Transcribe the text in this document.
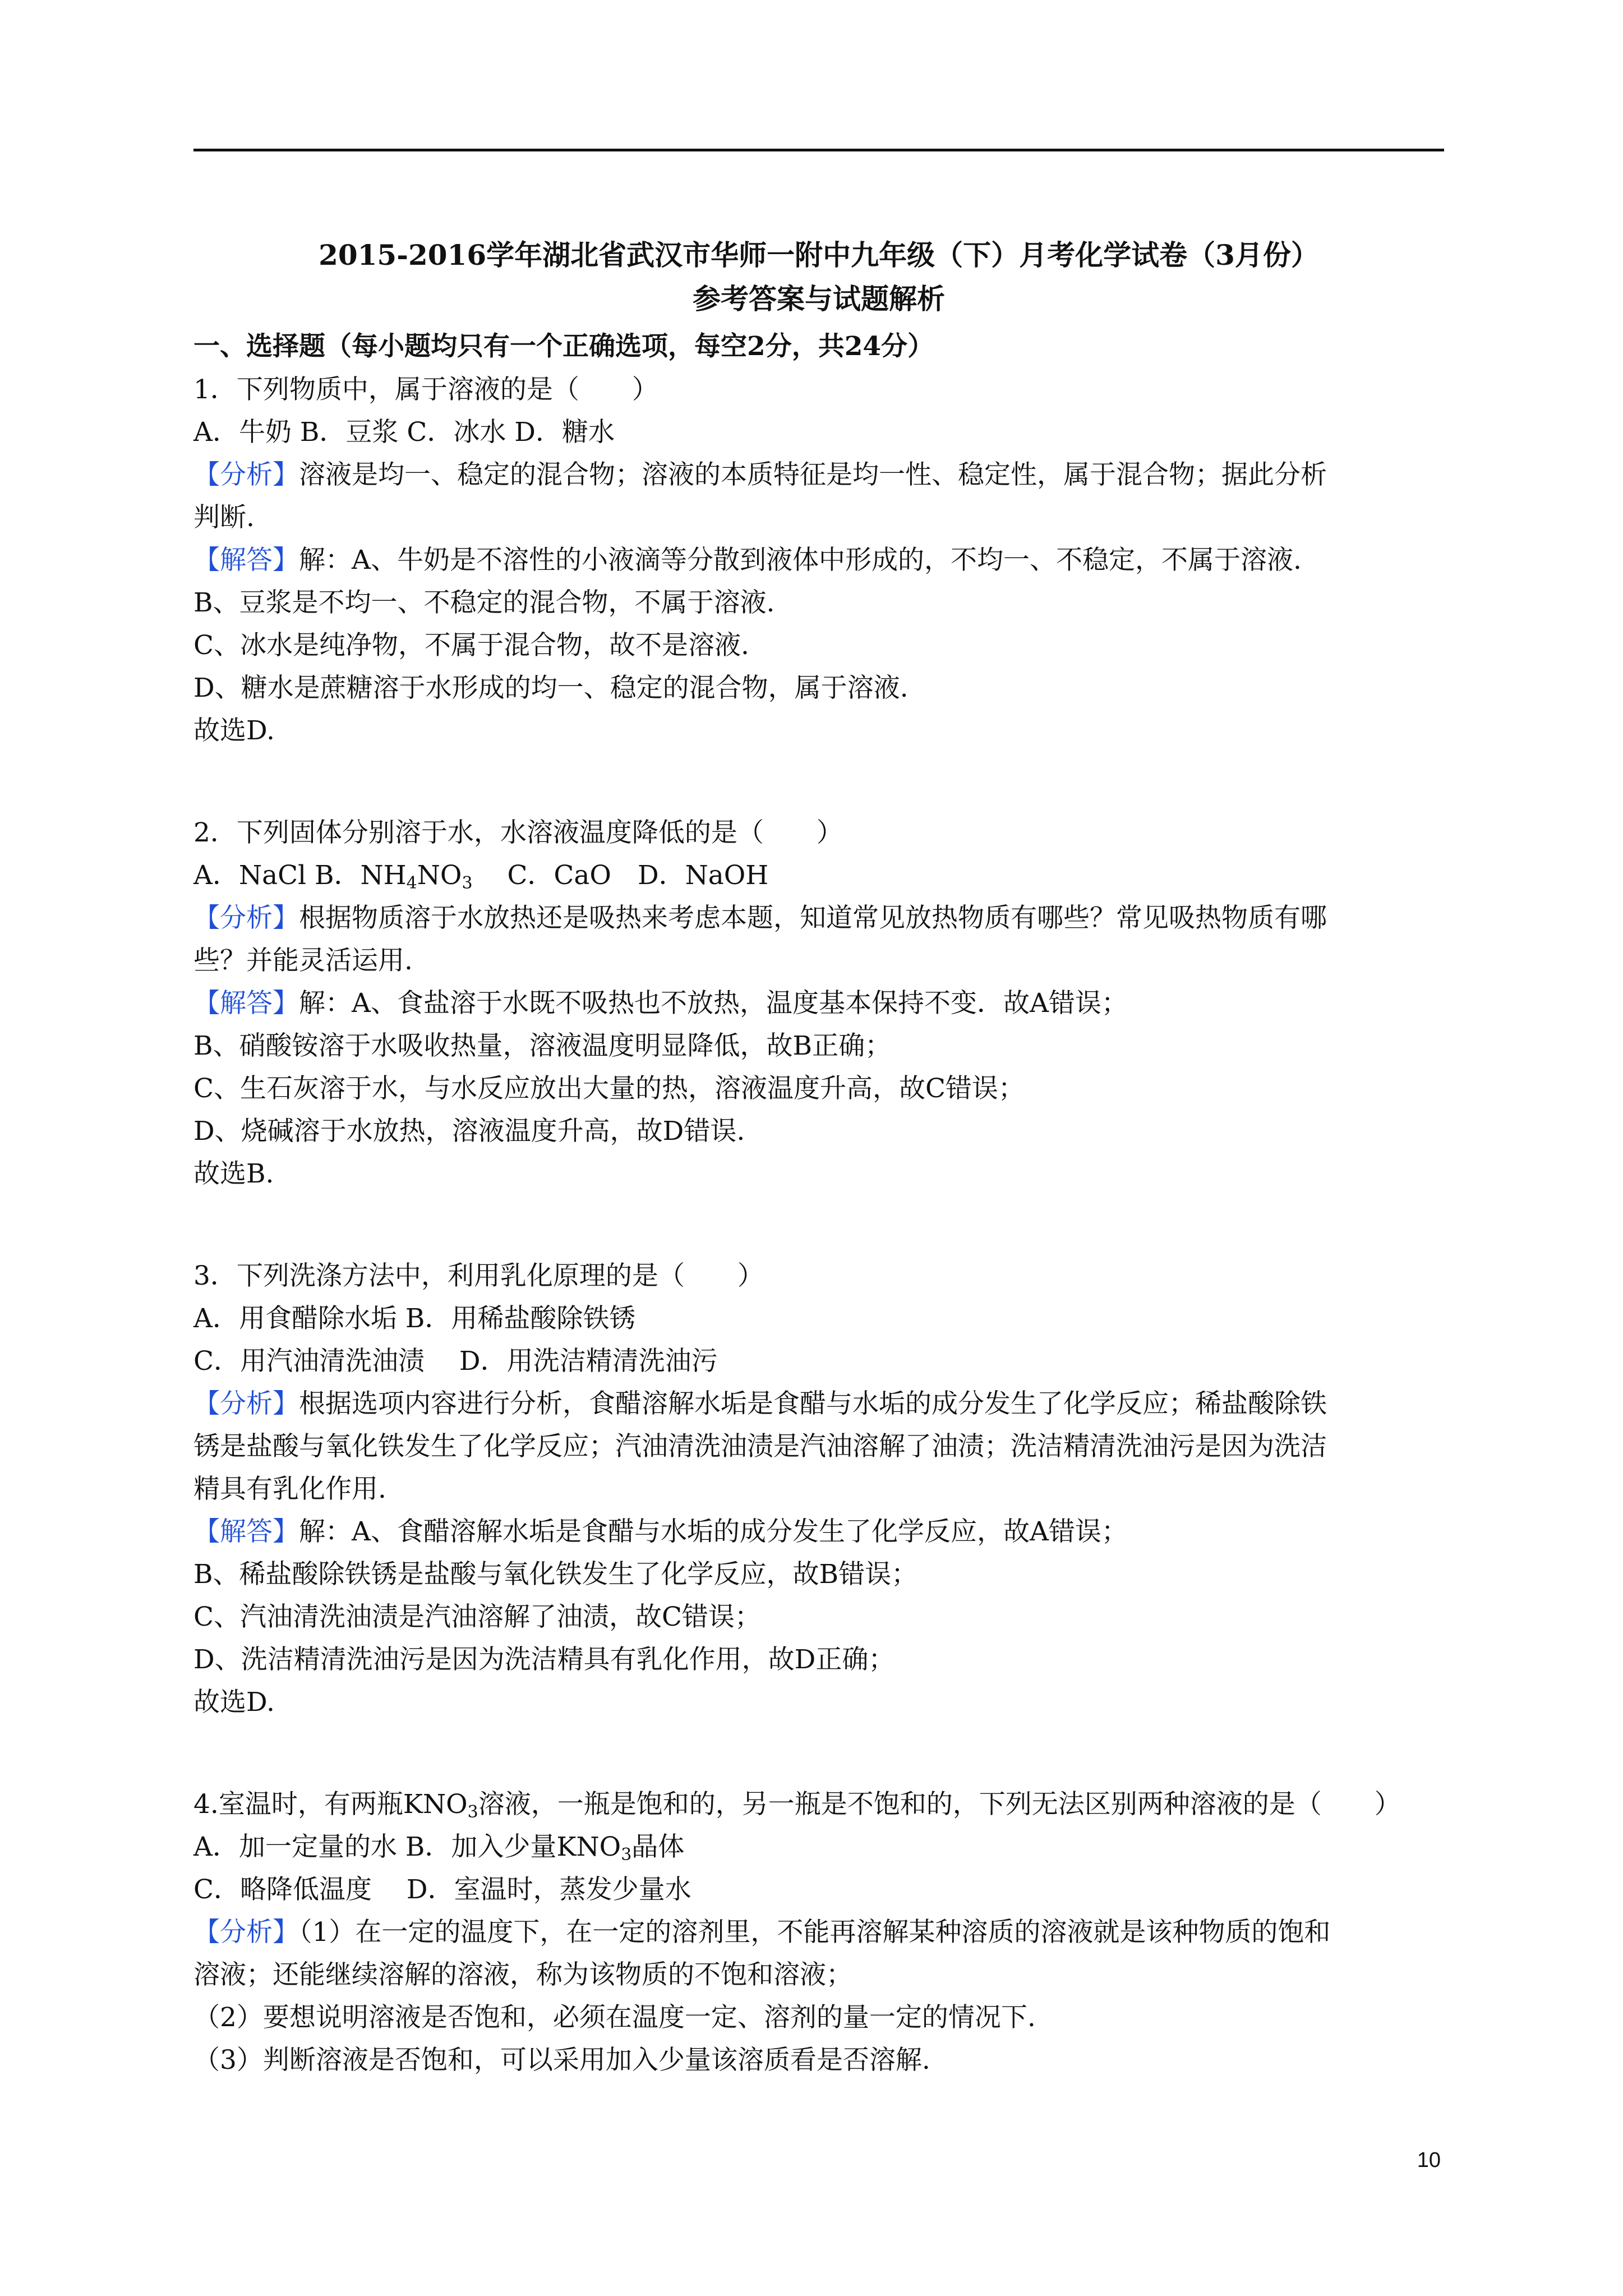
2015-2016学年湖北省武汉市华师一附中九年级（下）月考化学试卷（3月份）
参考答案与试题解析
一、选择题（每小题均只有一个正确选项，每空2分，共24分）
1．下列物质中，属于溶液的是（　　）
A．牛奶 B．豆浆 C．冰水 D．糖水
【分析】溶液是均一、稳定的混合物；溶液的本质特征是均一性、稳定性，属于混合物；据此分析
判断.
【解答】解：A、牛奶是不溶性的小液滴等分散到液体中形成的，不均一、不稳定，不属于溶液.
B、豆浆是不均一、不稳定的混合物，不属于溶液.
C、冰水是纯净物，不属于混合物，故不是溶液.
D、糖水是蔗糖溶于水形成的均一、稳定的混合物，属于溶液.
故选D.
2．下列固体分别溶于水，水溶液温度降低的是（　　）
A．NaCl B．$NH_4NO_3$　 C．CaO　D．NaOH
【分析】根据物质溶于水放热还是吸热来考虑本题，知道常见放热物质有哪些？常见吸热物质有哪
些？并能灵活运用.
【解答】解：A、食盐溶于水既不吸热也不放热，温度基本保持不变．故A错误；
B、硝酸铵溶于水吸收热量，溶液温度明显降低，故B正确；
C、生石灰溶于水，与水反应放出大量的热，溶液温度升高，故C错误；
D、烧碱溶于水放热，溶液温度升高，故D错误.
故选B.
3．下列洗涤方法中，利用乳化原理的是（　　）
A．用食醋除水垢 B．用稀盐酸除铁锈
C．用汽油清洗油渍　 D．用洗洁精清洗油污
【分析】根据选项内容进行分析，食醋溶解水垢是食醋与水垢的成分发生了化学反应；稀盐酸除铁
锈是盐酸与氧化铁发生了化学反应；汽油清洗油渍是汽油溶解了油渍；洗洁精清洗油污是因为洗洁
精具有乳化作用.
【解答】解：A、食醋溶解水垢是食醋与水垢的成分发生了化学反应，故A错误；
B、稀盐酸除铁锈是盐酸与氧化铁发生了化学反应，故B错误；
C、汽油清洗油渍是汽油溶解了油渍，故C错误；
D、洗洁精清洗油污是因为洗洁精具有乳化作用，故D正确；
故选D.
4.室温时，有两瓶$KNO_3$溶液，一瓶是饱和的，另一瓶是不饱和的，下列无法区别两种溶液的是（　　）
A．加一定量的水 B．加入少量$KNO_3$晶体
C．略降低温度　 D．室温时，蒸发少量水
【分析】（1）在一定的温度下，在一定的溶剂里，不能再溶解某种溶质的溶液就是该种物质的饱和
溶液；还能继续溶解的溶液，称为该物质的不饱和溶液；
（2）要想说明溶液是否饱和，必须在温度一定、溶剂的量一定的情况下.
（3）判断溶液是否饱和，可以采用加入少量该溶质看是否溶解.
10
